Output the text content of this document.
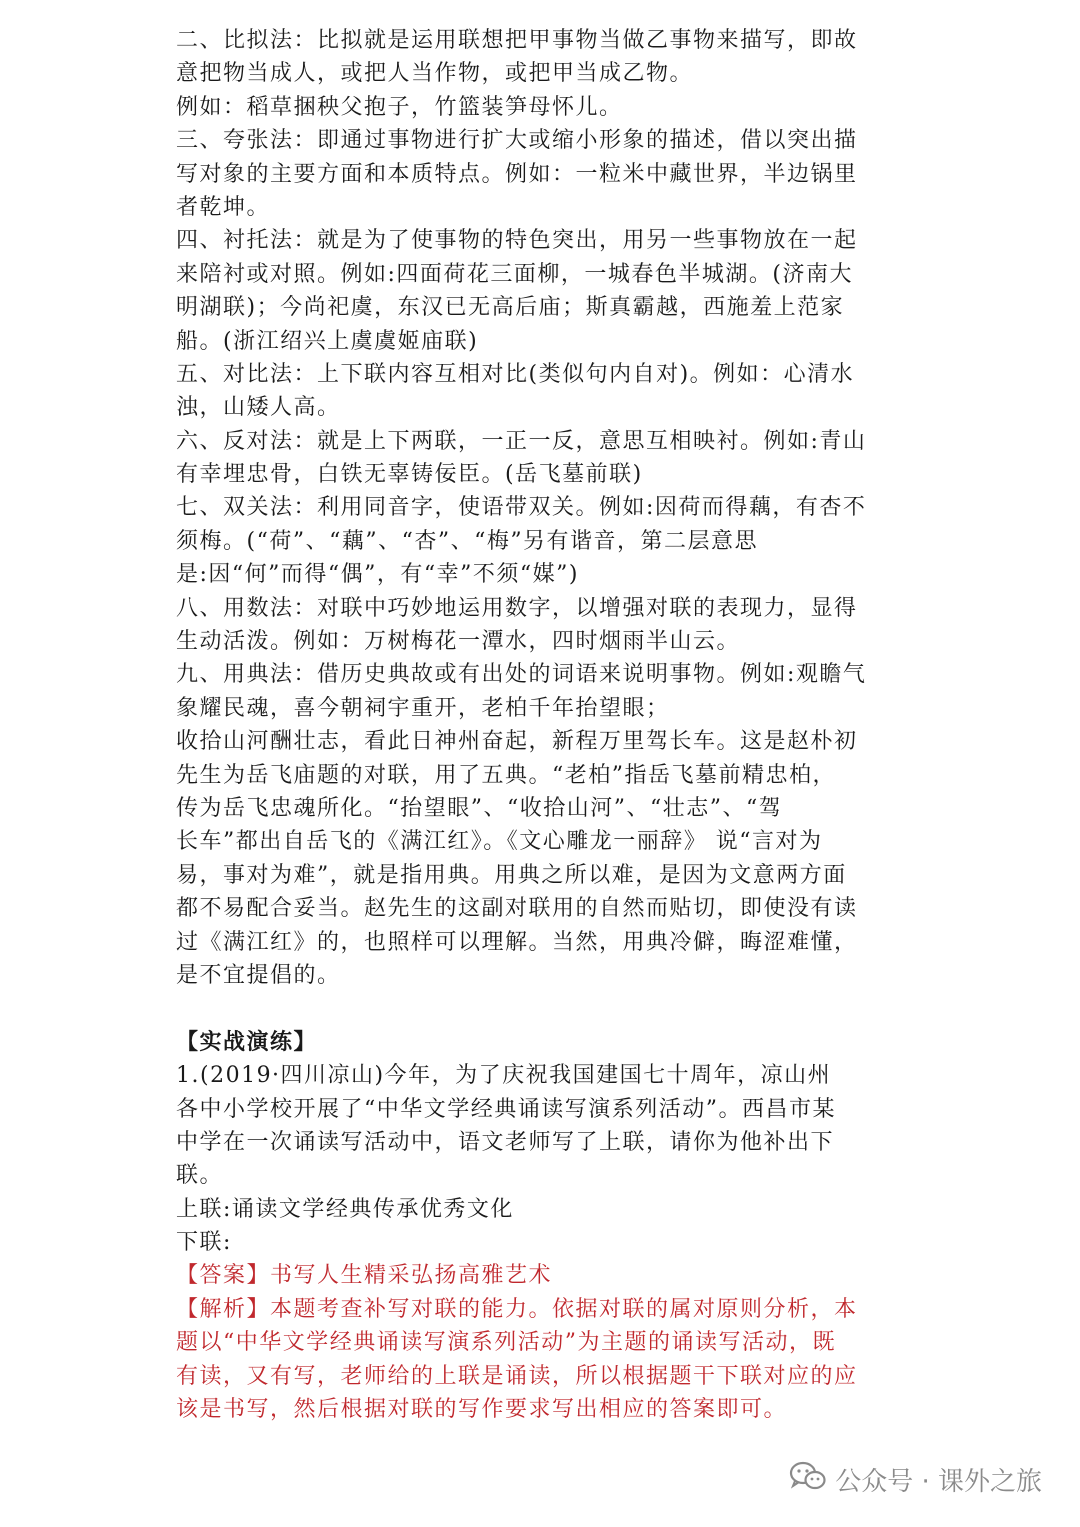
二、比拟法：比拟就是运用联想把甲事物当做乙事物来描写，即故
意把物当成人，或把人当作物，或把甲当成乙物。
例如：稻草捆秧父抱子，竹篮装笋母怀儿。
三、夸张法：即通过事物进行扩大或缩小形象的描述，借以突出描
写对象的主要方面和本质特点。例如：一粒米中藏世界，半边锅里
者乾坤。
四、衬托法：就是为了使事物的特色突出，用另一些事物放在一起
来陪衬或对照。例如:四面荷花三面柳，一城春色半城湖。(济南大
明湖联)；今尚祀虞，东汉已无高后庙；斯真霸越，西施羞上范家
船。(浙江绍兴上虞虞姬庙联)
五、对比法：上下联内容互相对比(类似句内自对)。例如：心清水
浊，山矮人高。
六、反对法：就是上下两联，一正一反，意思互相映衬。例如:青山
有幸埋忠骨，白铁无辜铸佞臣。(岳飞墓前联)
七、双关法：利用同音字，使语带双关。例如:因荷而得藕，有杏不
须梅。(“荷”、“藕”、“杏”、“梅”另有谐音，第二层意思
是:因“何”而得“偶”，有“幸”不须“媒”)
八、用数法：对联中巧妙地运用数字，以增强对联的表现力，显得
生动活泼。例如：万树梅花一潭水，四时烟雨半山云。
九、用典法：借历史典故或有出处的词语来说明事物。例如:观瞻气
象耀民魂，喜今朝祠宇重开，老柏千年抬望眼；
收拾山河酬壮志，看此日神州奋起，新程万里驾长车。这是赵朴初
先生为岳飞庙题的对联，用了五典。“老柏”指岳飞墓前精忠柏，
传为岳飞忠魂所化。“抬望眼”、“收拾山河”、“壮志”、“驾
长车”都出自岳飞的《满江红》。《文心雕龙一丽辞》 说“言对为
易，事对为难”，就是指用典。用典之所以难，是因为文意两方面
都不易配合妥当。赵先生的这副对联用的自然而贴切，即使没有读
过《满江红》的，也照样可以理解。当然，用典冷僻，晦涩难懂，
是不宜提倡的。
【实战演练】
1.(2019·四川凉山)今年，为了庆祝我国建国七十周年，凉山州
各中小学校开展了“中华文学经典诵读写演系列活动”。西昌市某
中学在一次诵读写活动中，语文老师写了上联，请你为他补出下
联。
上联:诵读文学经典传承优秀文化
下联:
【答案】书写人生精采弘扬高雅艺术
【解析】本题考查补写对联的能力。依据对联的属对原则分析，本
题以“中华文学经典诵读写演系列活动”为主题的诵读写活动，既
有读，又有写，老师给的上联是诵读，所以根据题干下联对应的应
该是书写，然后根据对联的写作要求写出相应的答案即可。
公众号 · 课外之旅
